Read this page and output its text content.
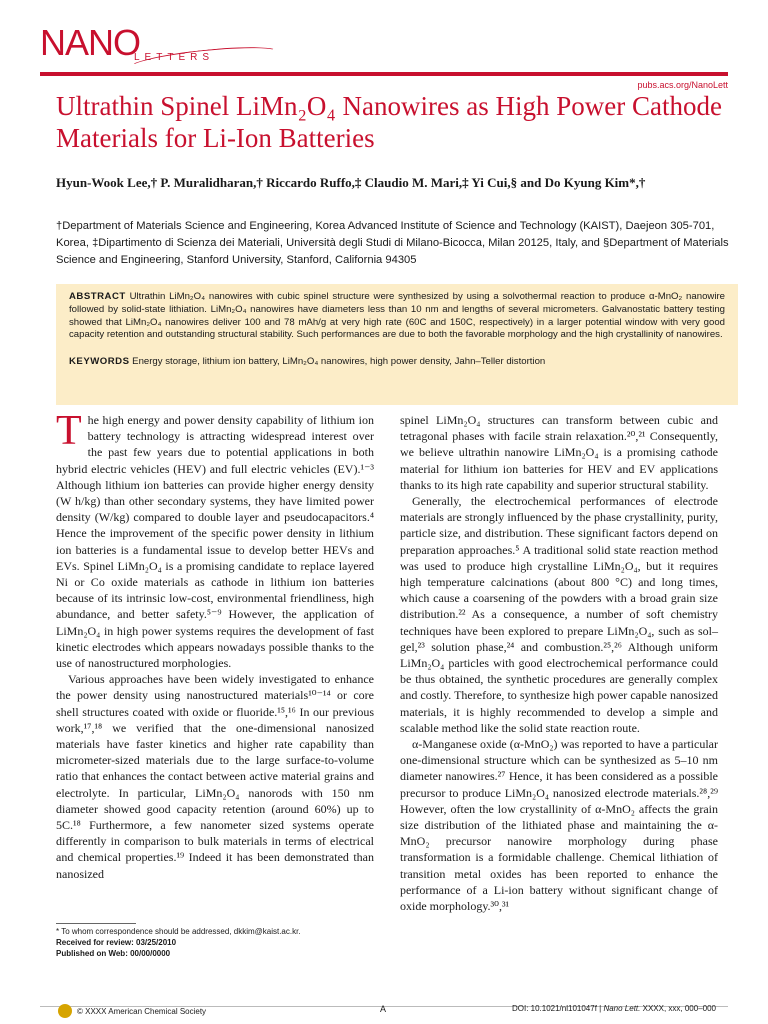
NANO
LETTERS
pubs.acs.org/NanoLett
Ultrathin Spinel LiMn₂O₄ Nanowires as High Power Cathode Materials for Li-Ion Batteries
Hyun-Wook Lee,† P. Muralidharan,† Riccardo Ruffo,‡ Claudio M. Mari,‡ Yi Cui,§ and Do Kyung Kim*,†
†Department of Materials Science and Engineering, Korea Advanced Institute of Science and Technology (KAIST), Daejeon 305-701, Korea, ‡Dipartimento di Scienza dei Materiali, Università degli Studi di Milano-Bicocca, Milan 20125, Italy, and §Department of Materials Science and Engineering, Stanford University, Stanford, California 94305
ABSTRACT Ultrathin LiMn₂O₄ nanowires with cubic spinel structure were synthesized by using a solvothermal reaction to produce α-MnO₂ nanowire followed by solid-state lithiation. LiMn₂O₄ nanowires have diameters less than 10 nm and lengths of several micrometers. Galvanostatic battery testing showed that LiMn₂O₄ nanowires deliver 100 and 78 mAh/g at very high rate (60C and 150C, respectively) in a larger potential window with very good capacity retention and outstanding structural stability. Such performances are due to both the favorable morphology and the high crystallinity of nanowires.
KEYWORDS Energy storage, lithium ion battery, LiMn₂O₄ nanowires, high power density, Jahn–Teller distortion

The high energy and power density capability of lithium ion battery technology is attracting widespread interest over the past few years due to potential applications in both hybrid electric vehicles (HEV) and full electric vehicles (EV).¹⁻³ Although lithium ion batteries can provide higher energy density (W h/kg) than other secondary systems, they have limited power density (W/kg) compared to double layer and pseudocapacitors.⁴ Hence the improvement of the specific power density in lithium ion batteries is a fundamental issue to develop better HEVs and EVs. Spinel LiMn₂O₄ is a promising candidate to replace layered Ni or Co oxide materials as cathode in lithium ion batteries because of its intrinsic low-cost, environmental friendliness, high abundance, and better safety.⁵⁻⁹ However, the application of LiMn₂O₄ in high power systems requires the development of fast kinetic electrodes which appears nowadays possible thanks to the use of nanostructured morphologies.

Various approaches have been widely investigated to enhance the power density using nanostructured materials¹⁰⁻¹⁴ or core shell structures coated with oxide or fluoride.¹⁵,¹⁶ In our previous work,¹⁷,¹⁸ we verified that the one-dimensional nanosized materials have faster kinetics and higher rate capability than micrometer-sized materials due to the large surface-to-volume ratio that enhances the contact between active material grains and electrolyte. In particular, LiMn₂O₄ nanorods with 150 nm diameter showed good capacity retention (around 60%) up to 5C.¹⁸ Furthermore, a few nanometer sized systems operate differently in comparison to bulk materials in terms of electrical and chemical properties.¹⁹ Indeed it has been demonstrated than nanosized

spinel LiMn₂O₄ structures can transform between cubic and tetragonal phases with facile strain relaxation.²⁰,²¹ Consequently, we believe ultrathin nanowire LiMn₂O₄ is a promising cathode material for lithium ion batteries for HEV and EV applications thanks to its high rate capability and superior structural stability.

Generally, the electrochemical performances of electrode materials are strongly influenced by the phase crystallinity, purity, particle size, and distribution. These significant factors depend on preparation approaches.⁵ A traditional solid state reaction method was used to produce high crystalline LiMn₂O₄, but it requires high temperature calcinations (about 800 °C) and long times, which cause a coarsening of the powders with a broad grain size distribution.²² As a consequence, a number of soft chemistry techniques have been explored to prepare LiMn₂O₄, such as sol–gel,²³ solution phase,²⁴ and combustion.²⁵,²⁶ Although uniform LiMn₂O₄ particles with good electrochemical performance could be thus obtained, the synthetic procedures are generally complex and costly. Therefore, to synthesize high power capable nanosized materials, it is highly recommended to develop a simple and scalable method like the solid state reaction route.

α-Manganese oxide (α-MnO₂) was reported to have a particular one-dimensional structure which can be synthesized as 5–10 nm diameter nanowires.²⁷ Hence, it has been considered as a possible precursor to produce LiMn₂O₄ nanosized electrode materials.²⁸,²⁹ However, often the low crystallinity of α-MnO₂ affects the grain size distribution of the lithiated phase and maintaining the α-MnO₂ precursor nanowire morphology during phase transformation is a formidable challenge. Chemical lithiation of transition metal oxides has been reported to enhance the performance of a Li-ion battery without significant change of oxide morphology.³⁰,³¹

* To whom correspondence should be addressed, dkkim@kaist.ac.kr.
Received for review: 03/25/2010
Published on Web: 00/00/0000
© XXXX American Chemical Society	A	DOI: 10.1021/nl101047f | Nano Lett. XXXX, xxx, 000–000
